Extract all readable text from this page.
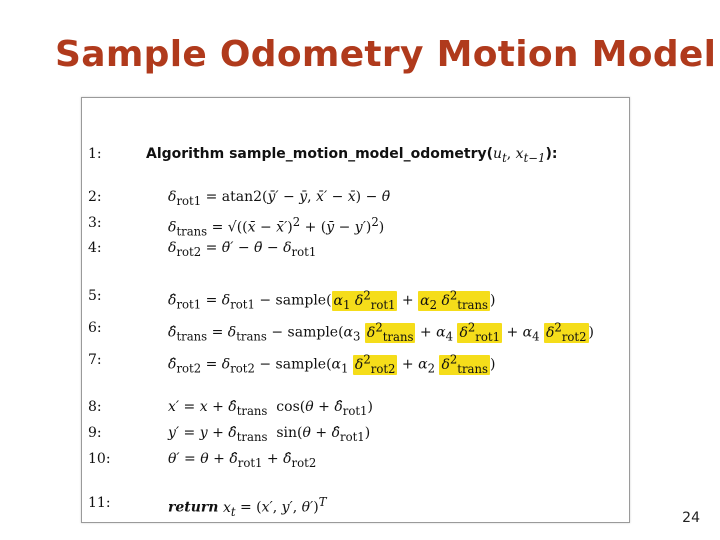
Sample Odometry Motion Model
1:
2:
3:
4:
5:
6:
7:
8:
9:
10:
11:
Algorithm $sample\_motion\_model\_odometry(u_t$, $x_{t-1}$):
$\delta_{rot1}$ = atan2(ȳ′ − ȳ, x̄′ − x̄) − θ̄
$\delta_{trans}$ = √((x̄ − x̄′)$^2$ + (ȳ − y′)$^2$)
$\delta_{rot2}$ = θ̄′ − θ̄ − $\delta_{rot1}$
$\deltâ_{rot1} = \delta_{rot1}$ − sample( $\alpha_1$ $\delta^2_{rot1} + \alpha_2$ $\delta^2_{trans}$ )
$\deltâ_{trans} = \delta_{trans}$ − $sample(\alpha_3$ $\delta^2_{trans} + \alpha_4$ $\delta^2_{rot1} + \alpha_4$ $\delta^2_{rot2}$ )
$\deltâ_{rot2} = \delta_{rot2}$ − $sample(\alpha_1$ $\delta^2_{rot2} + \alpha_2$ $\delta^2_{trans}$ )
$x' = x + \deltâ_{trans}$  $\cos(\theta + \deltâ_{rot1})$
$y' = y + \deltâ_{trans}$  $\sin(\theta + \deltâ_{rot1})$
$\theta' = \theta + \deltâ_{rot1}$ + $\deltâ_{rot2}$
return $x_t = (x'$, y′, θ′)$^T$
24
